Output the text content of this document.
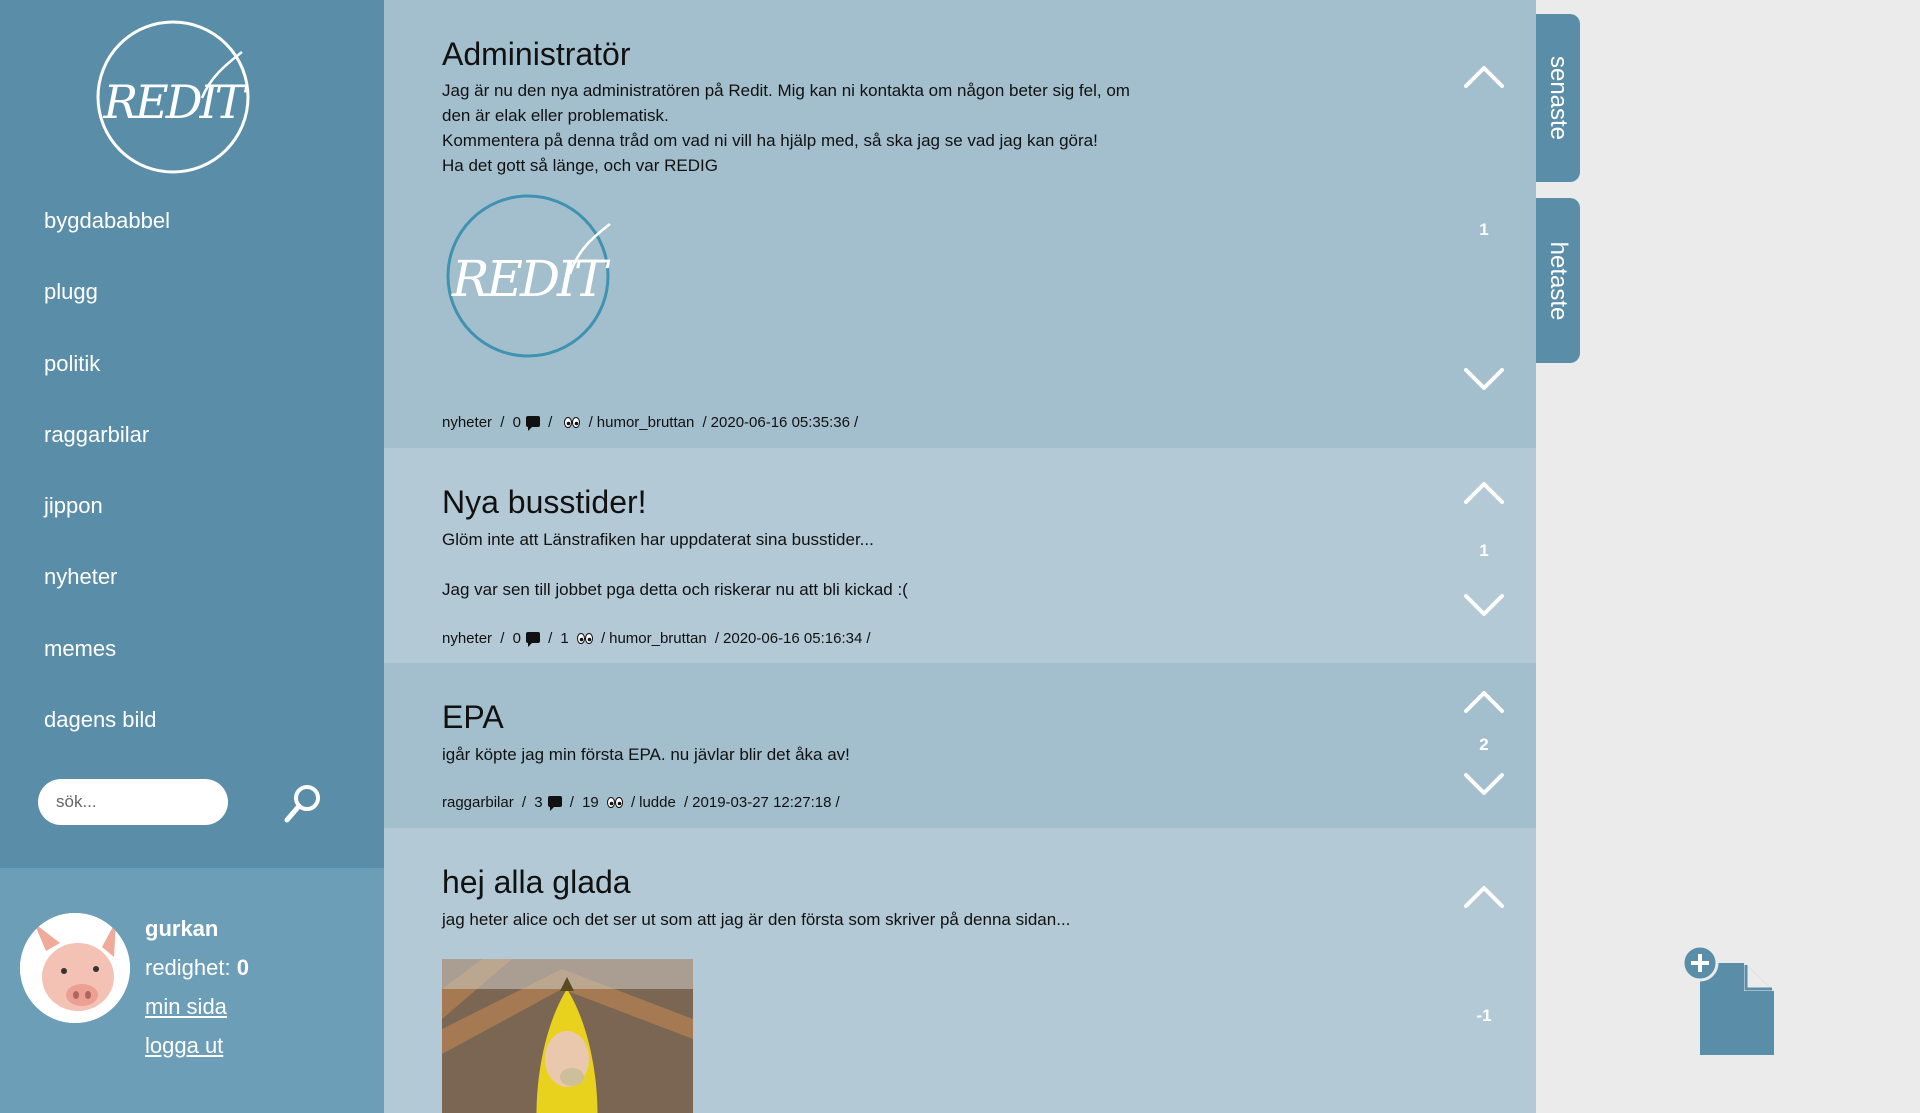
REDIT
bygdababbel
plugg
politik
raggarbilar
jippon
nyheter
memes
dagens bild
sök...
gurkan
redighet: 0
min sida
logga ut
Administratör
Jag är nu den nya administratören på Redit. Mig kan ni kontakta om någon beter sig fel, om
den är elak eller problematisk.
Kommentera på denna tråd om vad ni vill ha hjälp med, så ska jag se vad jag kan göra!
Ha det gott så länge, och var REDIG
REDIT
nyheter / 0 / / humor_bruttan / 2020-06-16 05:35:36 /
1
Nya busstider!
Glöm inte att Länstrafiken har uppdaterat sina busstider...

Jag var sen till jobbet pga detta och riskerar nu att bli kickad :(
nyheter / 0 / 1 / humor_bruttan / 2020-06-16 05:16:34 /
1
EPA
igår köpte jag min första EPA. nu jävlar blir det åka av!
raggarbilar / 3 / 19 / ludde / 2019-03-27 12:27:18 /
2
hej alla glada
jag heter alice och det ser ut som att jag är den första som skriver på denna sidan...
-1
senaste
hetaste
